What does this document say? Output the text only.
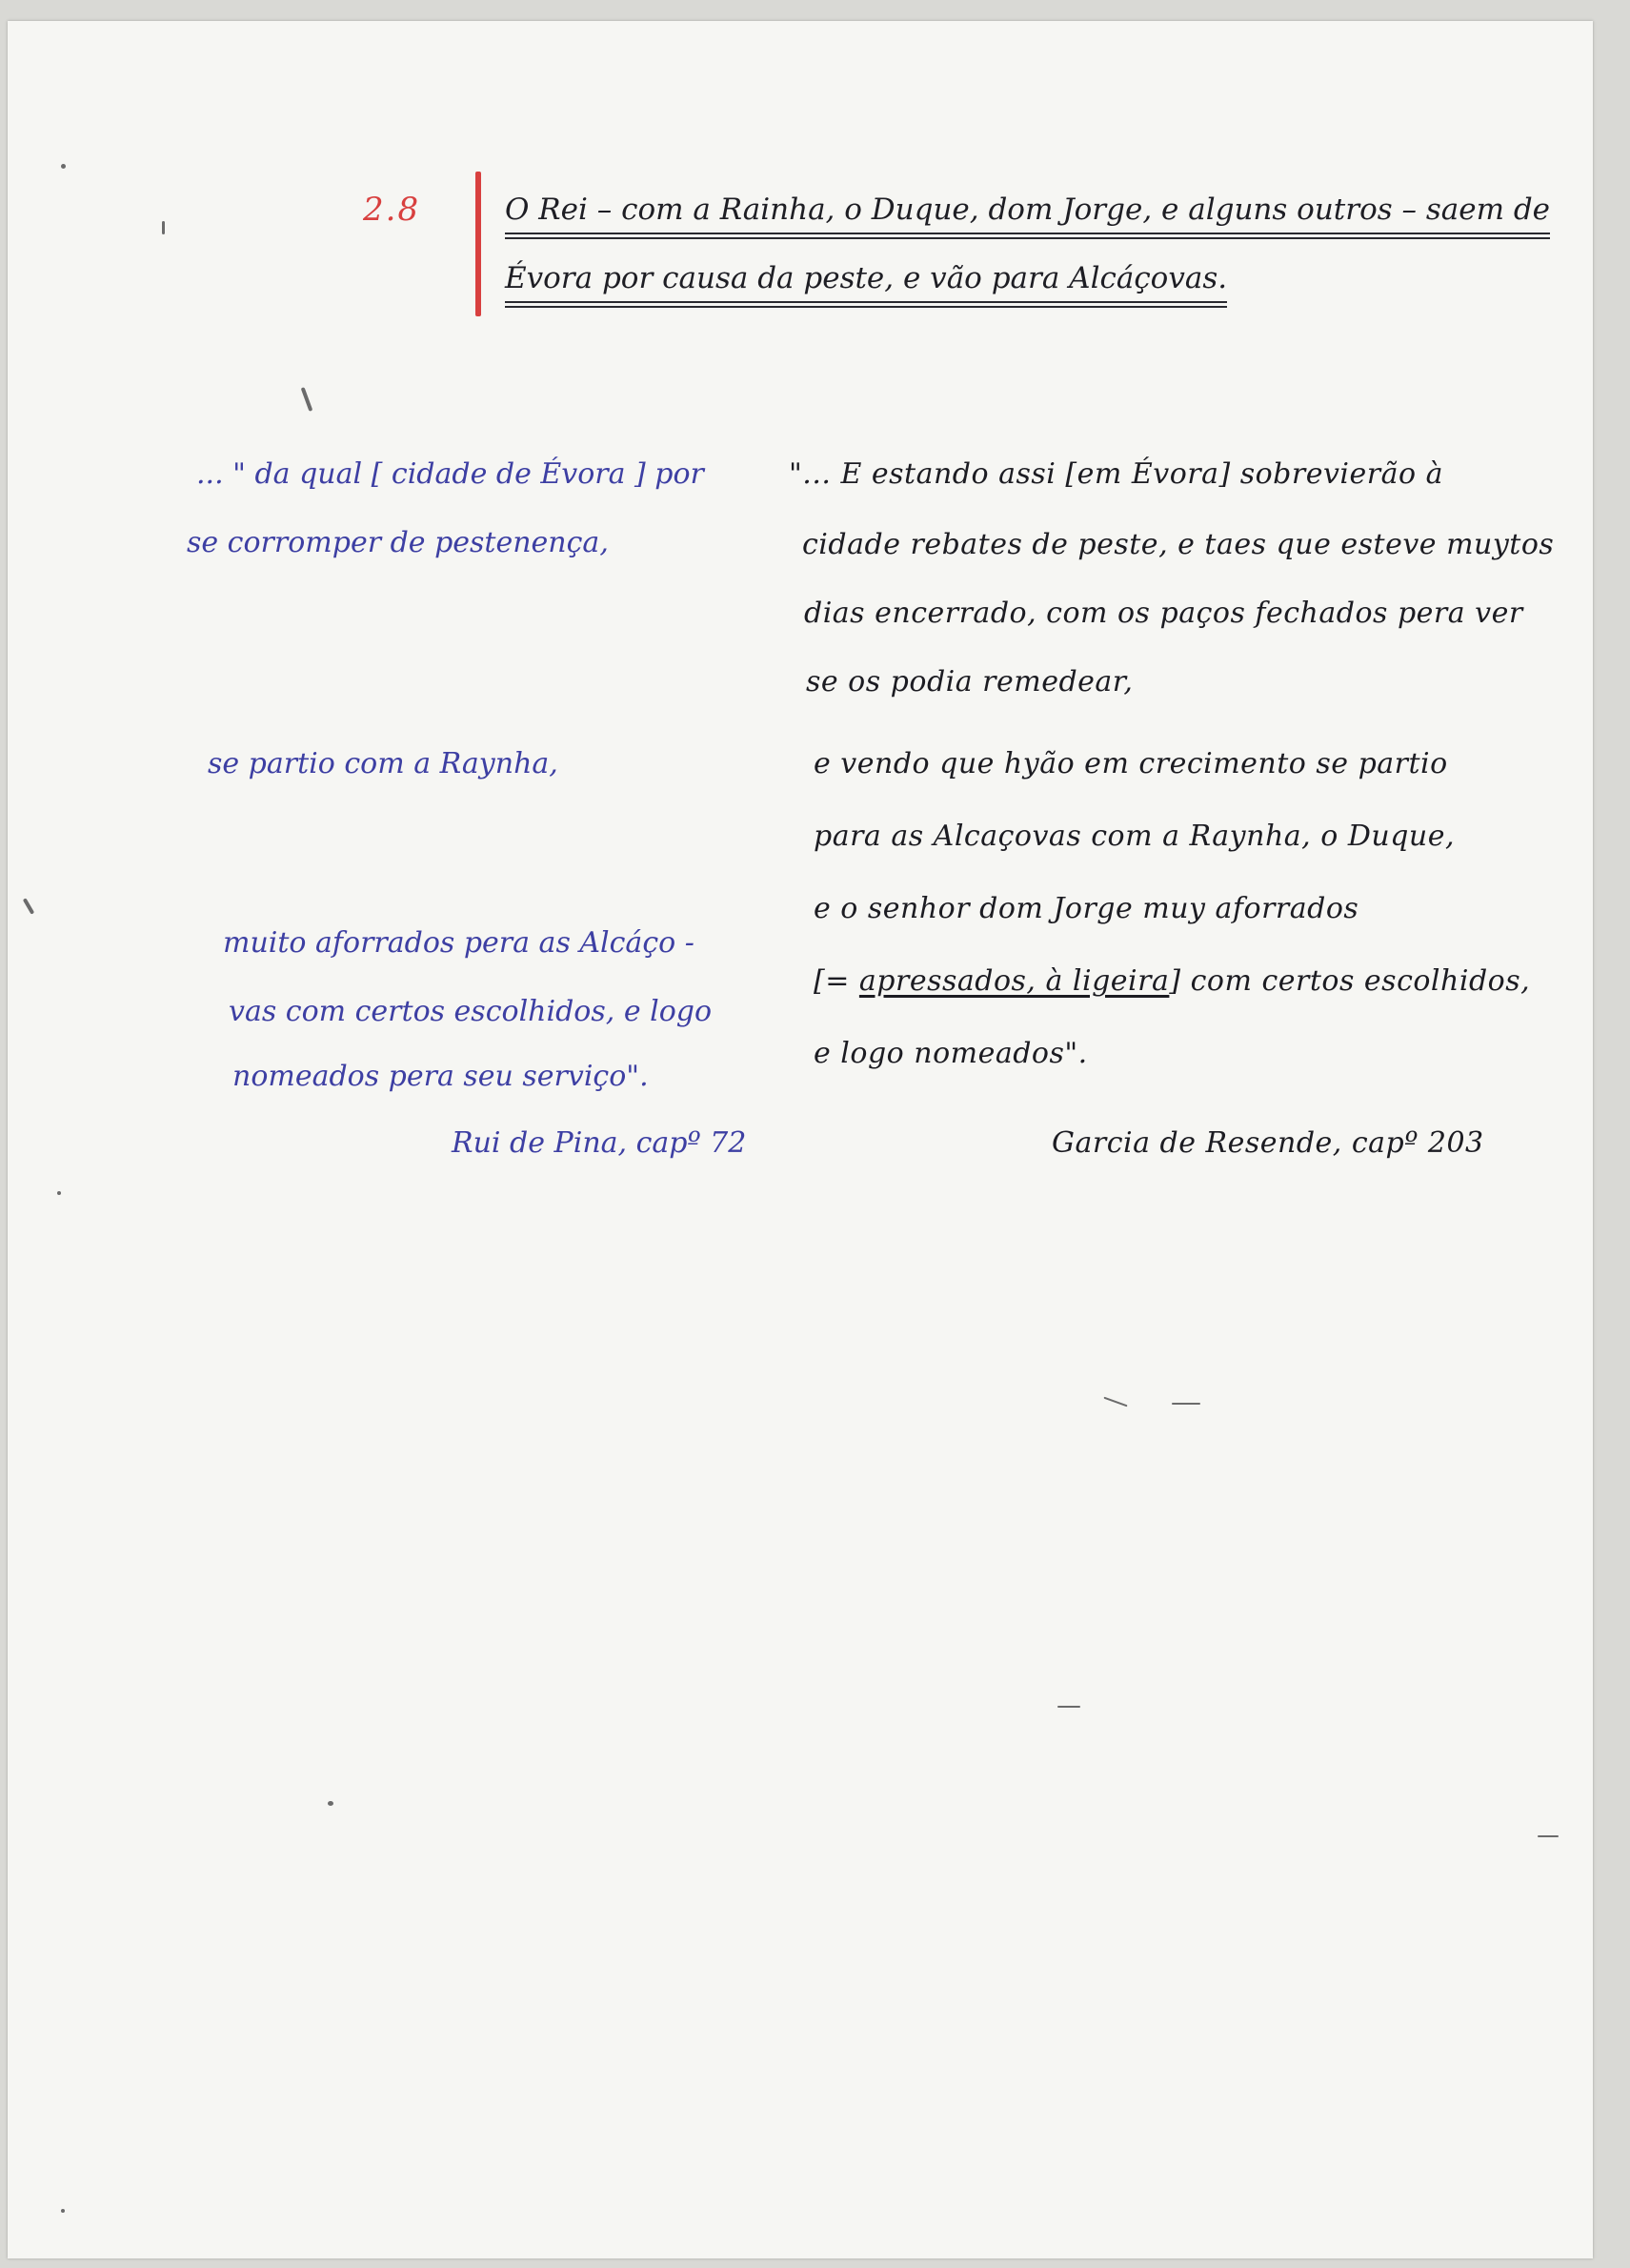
2.8	O Rei – com a Rainha, o Duque, dom Jorge, e alguns outros – saem de

Évora por causa da peste, e vão para Alcáçovas.

... " da qual [ cidade de Évora ] por

se corromper de pestenença,

se partio com a Raynha,

muito aforrados pera as Alcáço -

vas com certos escolhidos, e logo

nomeados pera seu serviço".

Rui de Pina, capº 72

"... E estando assi [em Évora] sobrevierão à

cidade rebates de peste, e taes que esteve muytos

dias encerrado, com os paços fechados pera ver

se os podia remedear,

e vendo que hyão em crecimento se partio

para as Alcaçovas com a Raynha, o Duque,

e o senhor dom Jorge muy aforrados

[= apressados, à ligeira] com certos escolhidos,

e logo nomeados".

Garcia de Resende, capº 203
